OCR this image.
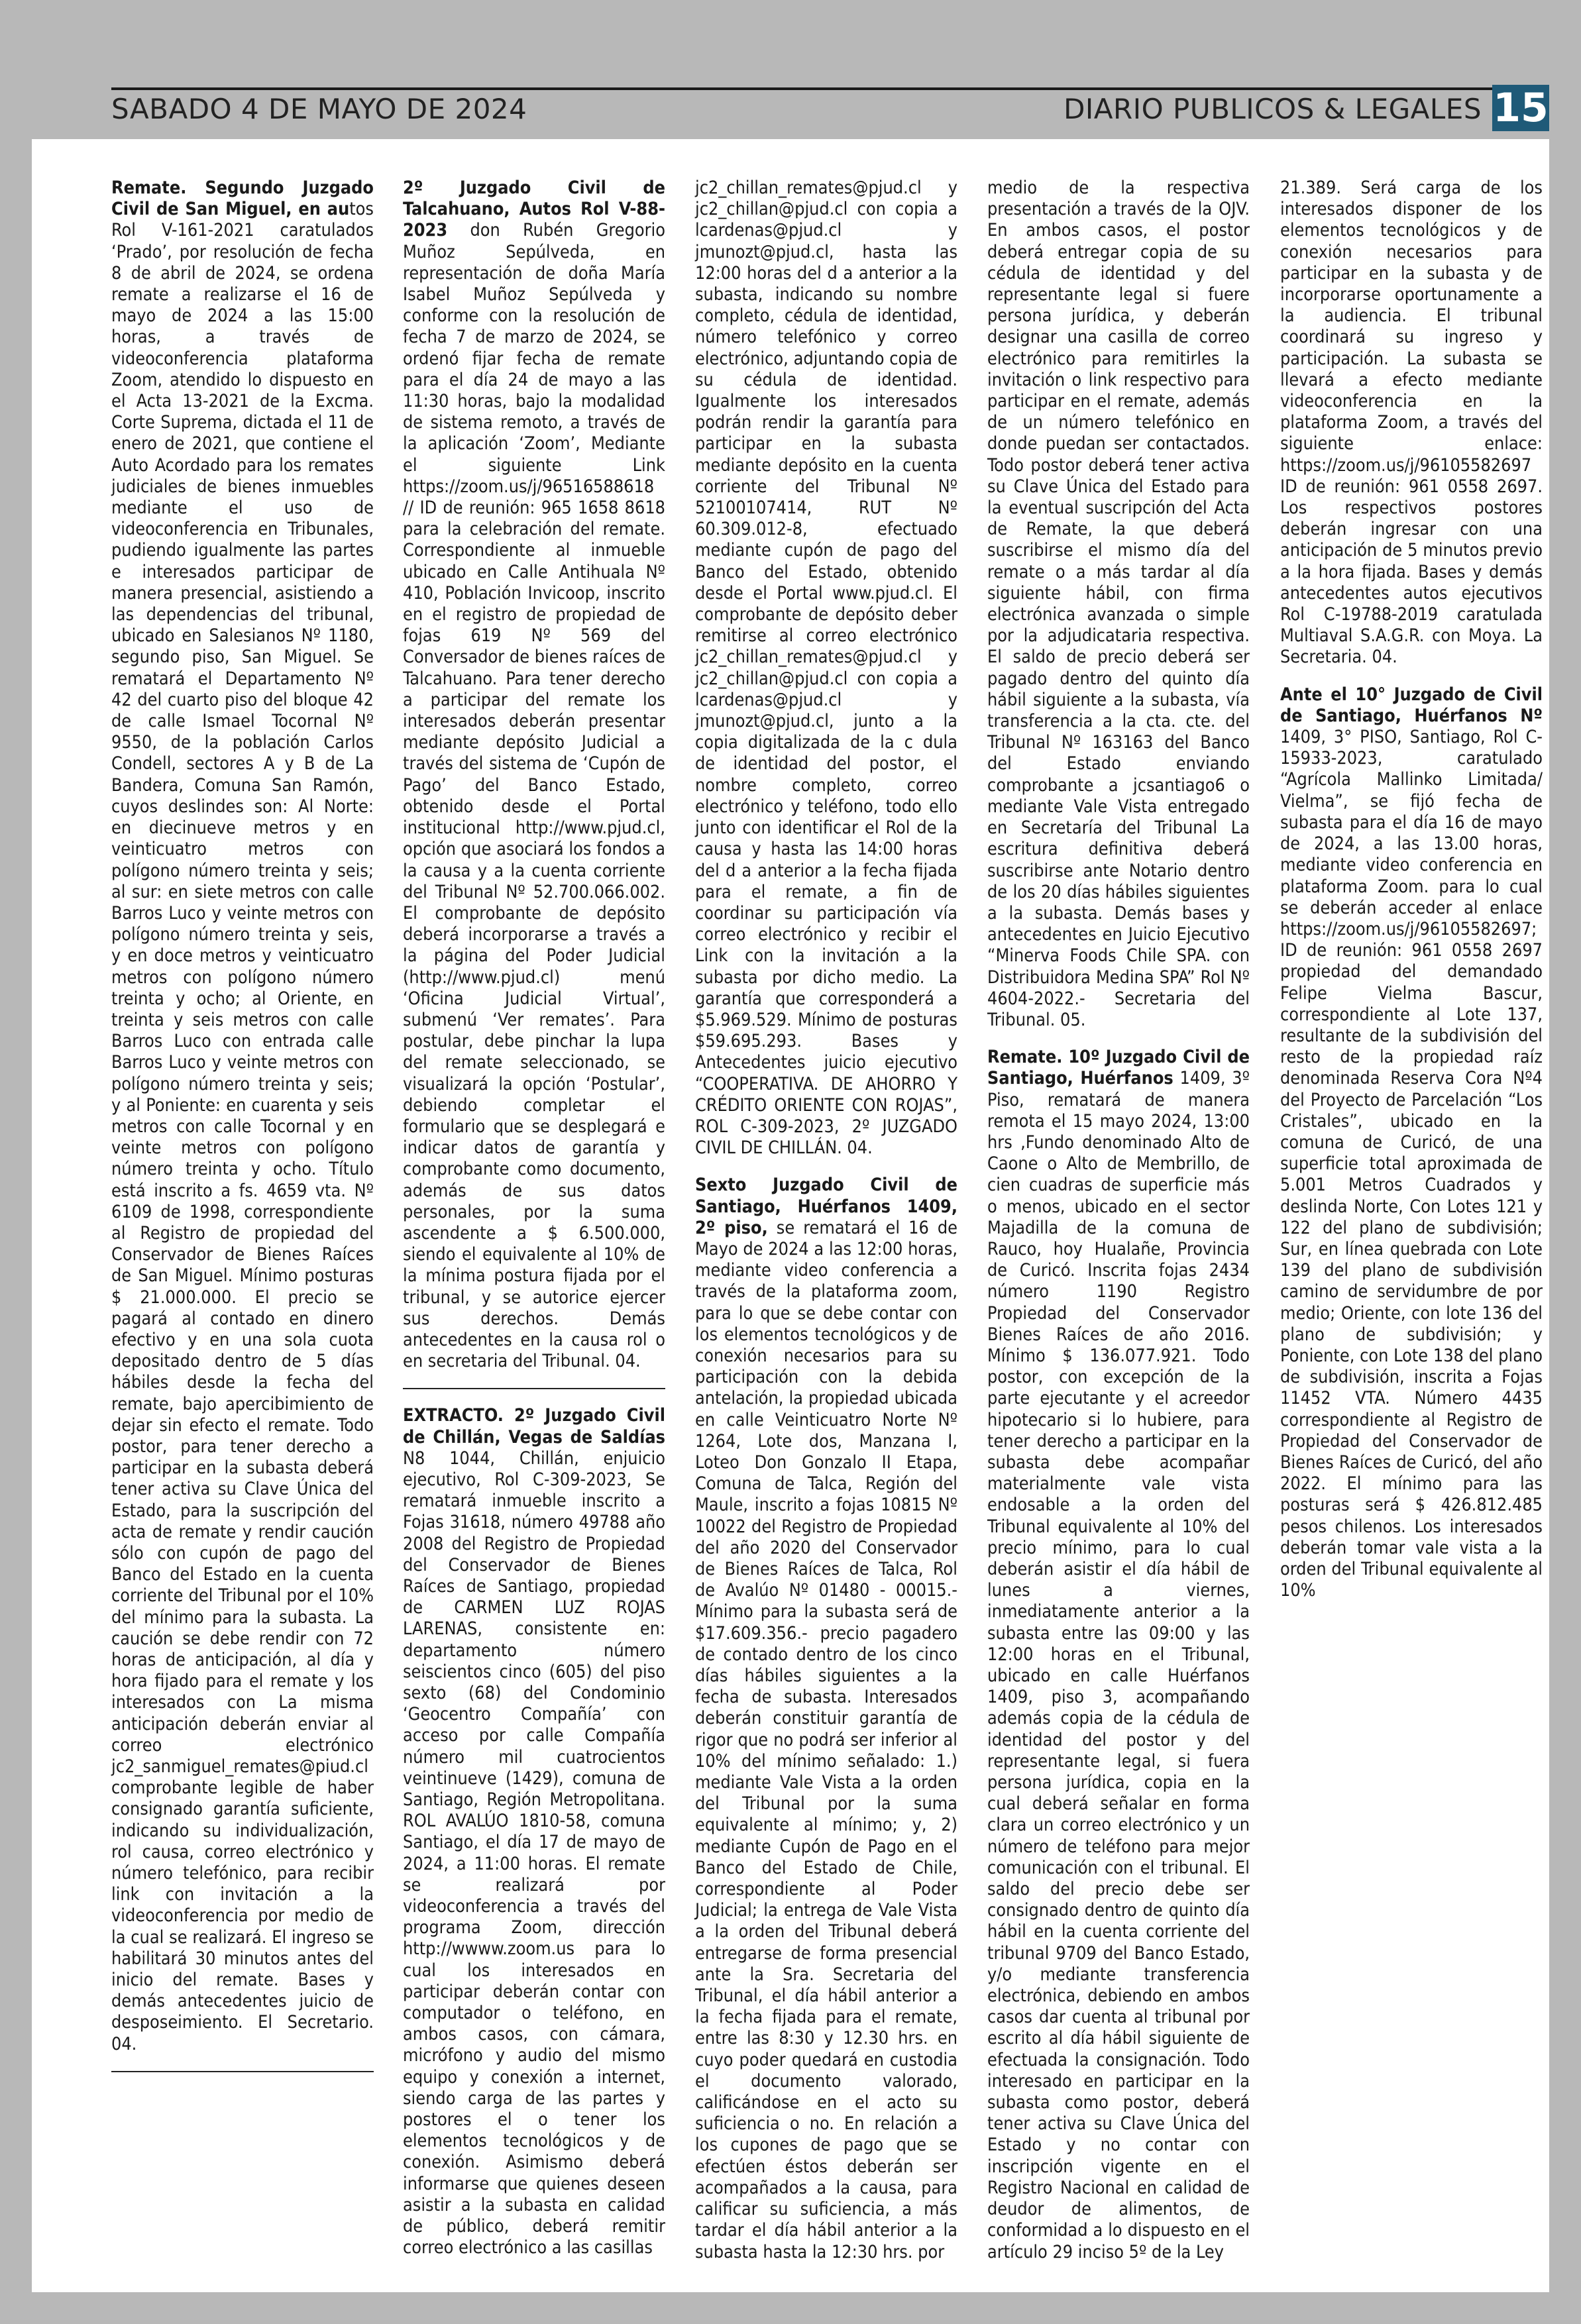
SABADO 4 DE MAYO DE 2024	DIARIO PUBLICOS & LEGALES 15

Remate. Segundo Juzgado Civil de San Miguel, en autos Rol V-161-2021 caratulados ‘Prado’, por resolución de fecha 8 de abril de 2024, se ordena remate a realizarse el 16 de mayo de 2024 a las 15:00 horas, a través de videoconferencia plataforma Zoom, atendido lo dispuesto en el Acta 13-2021 de la Excma. Corte Suprema, dictada el 11 de enero de 2021, que contiene el Auto Acordado para los remates judiciales de bienes inmuebles mediante el uso de videoconferencia en Tribunales, pudiendo igualmente las partes e interesados participar de manera presencial, asistiendo a las dependencias del tribunal, ubicado en Salesianos Nº 1180, segundo piso, San Miguel. Se rematará el Departamento Nº 42 del cuarto piso del bloque 42 de calle Ismael Tocornal Nº 9550, de la población Carlos Condell, sectores A y B de La Bandera, Comuna San Ramón, cuyos deslindes son: Al Norte: en diecinueve metros y en veinticuatro metros con polígono número treinta y seis; al sur: en siete metros con calle Barros Luco y veinte metros con polígono número treinta y seis, y en doce metros y veinticuatro metros con polígono número treinta y ocho; al Oriente, en treinta y seis metros con calle Barros Luco con entrada calle Barros Luco y veinte metros con polígono número treinta y seis; y al Poniente: en cuarenta y seis metros con calle Tocornal y en veinte metros con polígono número treinta y ocho. Título está inscrito a fs. 4659 vta. Nº 6109 de 1998, correspondiente al Registro de propiedad del Conservador de Bienes Raíces de San Miguel. Mínimo posturas $ 21.000.000. El precio se pagará al contado en dinero efectivo y en una sola cuota depositado dentro de 5 días hábiles desde la fecha del remate, bajo apercibimiento de dejar sin efecto el remate. Todo postor, para tener derecho a participar en la subasta deberá tener activa su Clave Única del Estado, para la suscripción del acta de remate y rendir caución sólo con cupón de pago del Banco del Estado en la cuenta corriente del Tribunal por el 10% del mínimo para la subasta. La caución se debe rendir con 72 horas de anticipación, al día y hora fijado para el remate y los interesados con La misma anticipación deberán enviar al correo electrónico jc2_sanmiguel_remates@piud.cl comprobante legible de haber consignado garantía suficiente, indicando su individualización, rol causa, correo electrónico y número telefónico, para recibir link con invitación a la videoconferencia por medio de la cual se realizará. El ingreso se habilitará 30 minutos antes del inicio del remate. Bases y demás antecedentes juicio de desposeimiento. El Secretario. 04.

2º Juzgado Civil de Talcahuano, Autos Rol V-88-2023 don Rubén Gregorio Muñoz Sepúlveda, en representación de doña María Isabel Muñoz Sepúlveda y conforme con la resolución de fecha 7 de marzo de 2024, se ordenó fijar fecha de remate para el día 24 de mayo a las 11:30 horas, bajo la modalidad de sistema remoto, a través de la aplicación ‘Zoom’, Mediante el siguiente Link https://zoom.us/j/96516588618 // ID de reunión: 965 1658 8618 para la celebración del remate. Correspondiente al inmueble ubicado en Calle Antihuala Nº 410, Población Invicoop, inscrito en el registro de propiedad de fojas 619 Nº 569 del Conversador de bienes raíces de Talcahuano. Para tener derecho a participar del remate los interesados deberán presentar mediante depósito Judicial a través del sistema de ‘Cupón de Pago’ del Banco Estado, obtenido desde el Portal institucional http://www.pjud.cl, opción que asociará los fondos a la causa y a la cuenta corriente del Tribunal Nº 52.700.066.002. El comprobante de depósito deberá incorporarse a través a la página del Poder Judicial (http://www.pjud.cl) menú ‘Oficina Judicial Virtual’, submenú ‘Ver remates’. Para postular, debe pinchar la lupa del remate seleccionado, se visualizará la opción ‘Postular’, debiendo completar el formulario que se desplegará e indicar datos de garantía y comprobante como documento, además de sus datos personales, por la suma ascendente a $ 6.500.000, siendo el equivalente al 10% de la mínima postura fijada por el tribunal, y se autorice ejercer sus derechos. Demás antecedentes en la causa rol o en secretaria del Tribunal. 04.

EXTRACTO. 2º Juzgado Civil de Chillán, Vegas de Saldías N8 1044, Chillán, enjuicio ejecutivo, Rol C-309-2023, Se rematará inmueble inscrito a Fojas 31618, número 49788 año 2008 del Registro de Propiedad del Conservador de Bienes Raíces de Santiago, propiedad de CARMEN LUZ ROJAS LARENAS, consistente en: departamento número seiscientos cinco (605) del piso sexto (68) del Condominio ‘Geocentro Compañía’ con acceso por calle Compañía número mil cuatrocientos veintinueve (1429), comuna de Santiago, Región Metropolitana. ROL AVALÚO 1810-58, comuna Santiago, el día 17 de mayo de 2024, a 11:00 horas. El remate se realizará por videoconferencia a través del programa Zoom, dirección http://wwww.zoom.us para lo cual los interesados en participar deberán contar con computador o teléfono, en ambos casos, con cámara, micrófono y audio del mismo equipo y conexión a internet, siendo carga de las partes y postores el o tener los elementos tecnológicos y de conexión. Asimismo deberá informarse que quienes deseen asistir a la subasta en calidad de público, deberá remitir correo electrónico a las casillas

jc2_chillan_remates@pjud.cl y jc2_chillan@pjud.cl con copia a lcardenas@pjud.cl y jmunozt@pjud.cl, hasta las 12:00 horas del d a anterior a la subasta, indicando su nombre completo, cédula de identidad, número telefónico y correo electrónico, adjuntando copia de su cédula de identidad. Igualmente los interesados podrán rendir la garantía para participar en la subasta mediante depósito en la cuenta corriente del Tribunal Nº 52100107414, RUT Nº 60.309.012-8, efectuado mediante cupón de pago del Banco del Estado, obtenido desde el Portal www.pjud.cl. El comprobante de depósito deber remitirse al correo electrónico jc2_chillan_remates@pjud.cl y jc2_chillan@pjud.cl con copia a lcardenas@pjud.cl y jmunozt@pjud.cl, junto a la copia digitalizada de la c dula de identidad del postor, el nombre completo, correo electrónico y teléfono, todo ello junto con identificar el Rol de la causa y hasta las 14:00 horas del d a anterior a la fecha fijada para el remate, a fin de coordinar su participación vía correo electrónico y recibir el Link con la invitación a la subasta por dicho medio. La garantía que corresponderá a $5.969.529. Mínimo de posturas $59.695.293. Bases y Antecedentes juicio ejecutivo “COOPERATIVA. DE AHORRO Y CRÉDITO ORIENTE CON ROJAS”, ROL C-309-2023, 2º JUZGADO CIVIL DE CHILLÁN. 04.

Sexto Juzgado Civil de Santiago, Huérfanos 1409, 2º piso, se rematará el 16 de Mayo de 2024 a las 12:00 horas, mediante video conferencia a través de la plataforma zoom, para lo que se debe contar con los elementos tecnológicos y de conexión necesarios para su participación con la debida antelación, la propiedad ubicada en calle Veinticuatro Norte Nº 1264, Lote dos, Manzana I, Loteo Don Gonzalo II Etapa, Comuna de Talca, Región del Maule, inscrito a fojas 10815 Nº 10022 del Registro de Propiedad del año 2020 del Conservador de Bienes Raíces de Talca, Rol de Avalúo Nº 01480 - 00015.- Mínimo para la subasta será de $17.609.356.- precio pagadero de contado dentro de los cinco días hábiles siguientes a la fecha de subasta. Interesados deberán constituir garantía de rigor que no podrá ser inferior al 10% del mínimo señalado: 1.) mediante Vale Vista a la orden del Tribunal por la suma equivalente al mínimo; y, 2) mediante Cupón de Pago en el Banco del Estado de Chile, correspondiente al Poder Judicial; la entrega de Vale Vista a la orden del Tribunal deberá entregarse de forma presencial ante la Sra. Secretaria del Tribunal, el día hábil anterior a la fecha fijada para el remate, entre las 8:30 y 12.30 hrs. en cuyo poder quedará en custodia el documento valorado, calificándose en el acto su suficiencia o no. En relación a los cupones de pago que se efectúen éstos deberán ser acompañados a la causa, para calificar su suficiencia, a más tardar el día hábil anterior a la subasta hasta la 12:30 hrs. por

medio de la respectiva presentación a través de la OJV. En ambos casos, el postor deberá entregar copia de su cédula de identidad y del representante legal si fuere persona jurídica, y deberán designar una casilla de correo electrónico para remitirles la invitación o link respectivo para participar en el remate, además de un número telefónico en donde puedan ser contactados. Todo postor deberá tener activa su Clave Única del Estado para la eventual suscripción del Acta de Remate, la que deberá suscribirse el mismo día del remate o a más tardar al día siguiente hábil, con firma electrónica avanzada o simple por la adjudicataria respectiva. El saldo de precio deberá ser pagado dentro del quinto día hábil siguiente a la subasta, vía transferencia a la cta. cte. del Tribunal Nº 163163 del Banco del Estado enviando comprobante a jcsantiago6 o mediante Vale Vista entregado en Secretaría del Tribunal La escritura definitiva deberá suscribirse ante Notario dentro de los 20 días hábiles siguientes a la subasta. Demás bases y antecedentes en Juicio Ejecutivo “Minerva Foods Chile SPA. con Distribuidora Medina SPA” Rol Nº 4604-2022.- Secretaria del Tribunal. 05.

Remate. 10º Juzgado Civil de Santiago, Huérfanos 1409, 3º Piso, rematará de manera remota el 15 mayo 2024, 13:00 hrs ,Fundo denominado Alto de Caone o Alto de Membrillo, de cien cuadras de superficie más o menos, ubicado en el sector Majadilla de la comuna de Rauco, hoy Hualañe, Provincia de Curicó. Inscrita fojas 2434 número 1190 Registro Propiedad del Conservador Bienes Raíces de año 2016. Mínimo $ 136.077.921. Todo postor, con excepción de la parte ejecutante y el acreedor hipotecario si lo hubiere, para tener derecho a participar en la subasta debe acompañar materialmente vale vista endosable a la orden del Tribunal equivalente al 10% del precio mínimo, para lo cual deberán asistir el día hábil de lunes a viernes, inmediatamente anterior a la subasta entre las 09:00 y las 12:00 horas en el Tribunal, ubicado en calle Huérfanos 1409, piso 3, acompañando además copia de la cédula de identidad del postor y del representante legal, si fuera persona jurídica, copia en la cual deberá señalar en forma clara un correo electrónico y un número de teléfono para mejor comunicación con el tribunal. El saldo del precio debe ser consignado dentro de quinto día hábil en la cuenta corriente del tribunal 9709 del Banco Estado, y/o mediante transferencia electrónica, debiendo en ambos casos dar cuenta al tribunal por escrito al día hábil siguiente de efectuada la consignación. Todo interesado en participar en la subasta como postor, deberá tener activa su Clave Única del Estado y no contar con inscripción vigente en el Registro Nacional en calidad de deudor de alimentos, de conformidad a lo dispuesto en el artículo 29 inciso 5º de la Ley

21.389. Será carga de los interesados disponer de los elementos tecnológicos y de conexión necesarios para participar en la subasta y de incorporarse oportunamente a la audiencia. El tribunal coordinará su ingreso y participación. La subasta se llevará a efecto mediante videoconferencia en la plataforma Zoom, a través del siguiente enlace: https://zoom.us/j/96105582697 ID de reunión: 961 0558 2697. Los respectivos postores deberán ingresar con una anticipación de 5 minutos previo a la hora fijada. Bases y demás antecedentes autos ejecutivos Rol C-19788-2019 caratulada Multiaval S.A.G.R. con Moya. La Secretaria. 04.

Ante el 10° Juzgado de Civil de Santiago, Huérfanos Nº 1409, 3° PISO, Santiago, Rol C-15933-2023, caratulado “Agrícola Mallinko Limitada/ Vielma”, se fijó fecha de subasta para el día 16 de mayo de 2024, a las 13.00 horas, mediante video conferencia en plataforma Zoom. para lo cual se deberán acceder al enlace https://zoom.us/j/96105582697; ID de reunión: 961 0558 2697 propiedad del demandado Felipe Vielma Bascur, correspondiente al Lote 137, resultante de la subdivisión del resto de la propiedad raíz denominada Reserva Cora Nº4 del Proyecto de Parcelación “Los Cristales”, ubicado en la comuna de Curicó, de una superficie total aproximada de 5.001 Metros Cuadrados y deslinda Norte, Con Lotes 121 y 122 del plano de subdivisión; Sur, en línea quebrada con Lote 139 del plano de subdivisión camino de servidumbre de por medio; Oriente, con lote 136 del plano de subdivisión; y Poniente, con Lote 138 del plano de subdivisión, inscrita a Fojas 11452 VTA. Número 4435 correspondiente al Registro de Propiedad del Conservador de Bienes Raíces de Curicó, del año 2022. El mínimo para las posturas será $ 426.812.485 pesos chilenos. Los interesados deberán tomar vale vista a la orden del Tribunal equivalente al 10%
